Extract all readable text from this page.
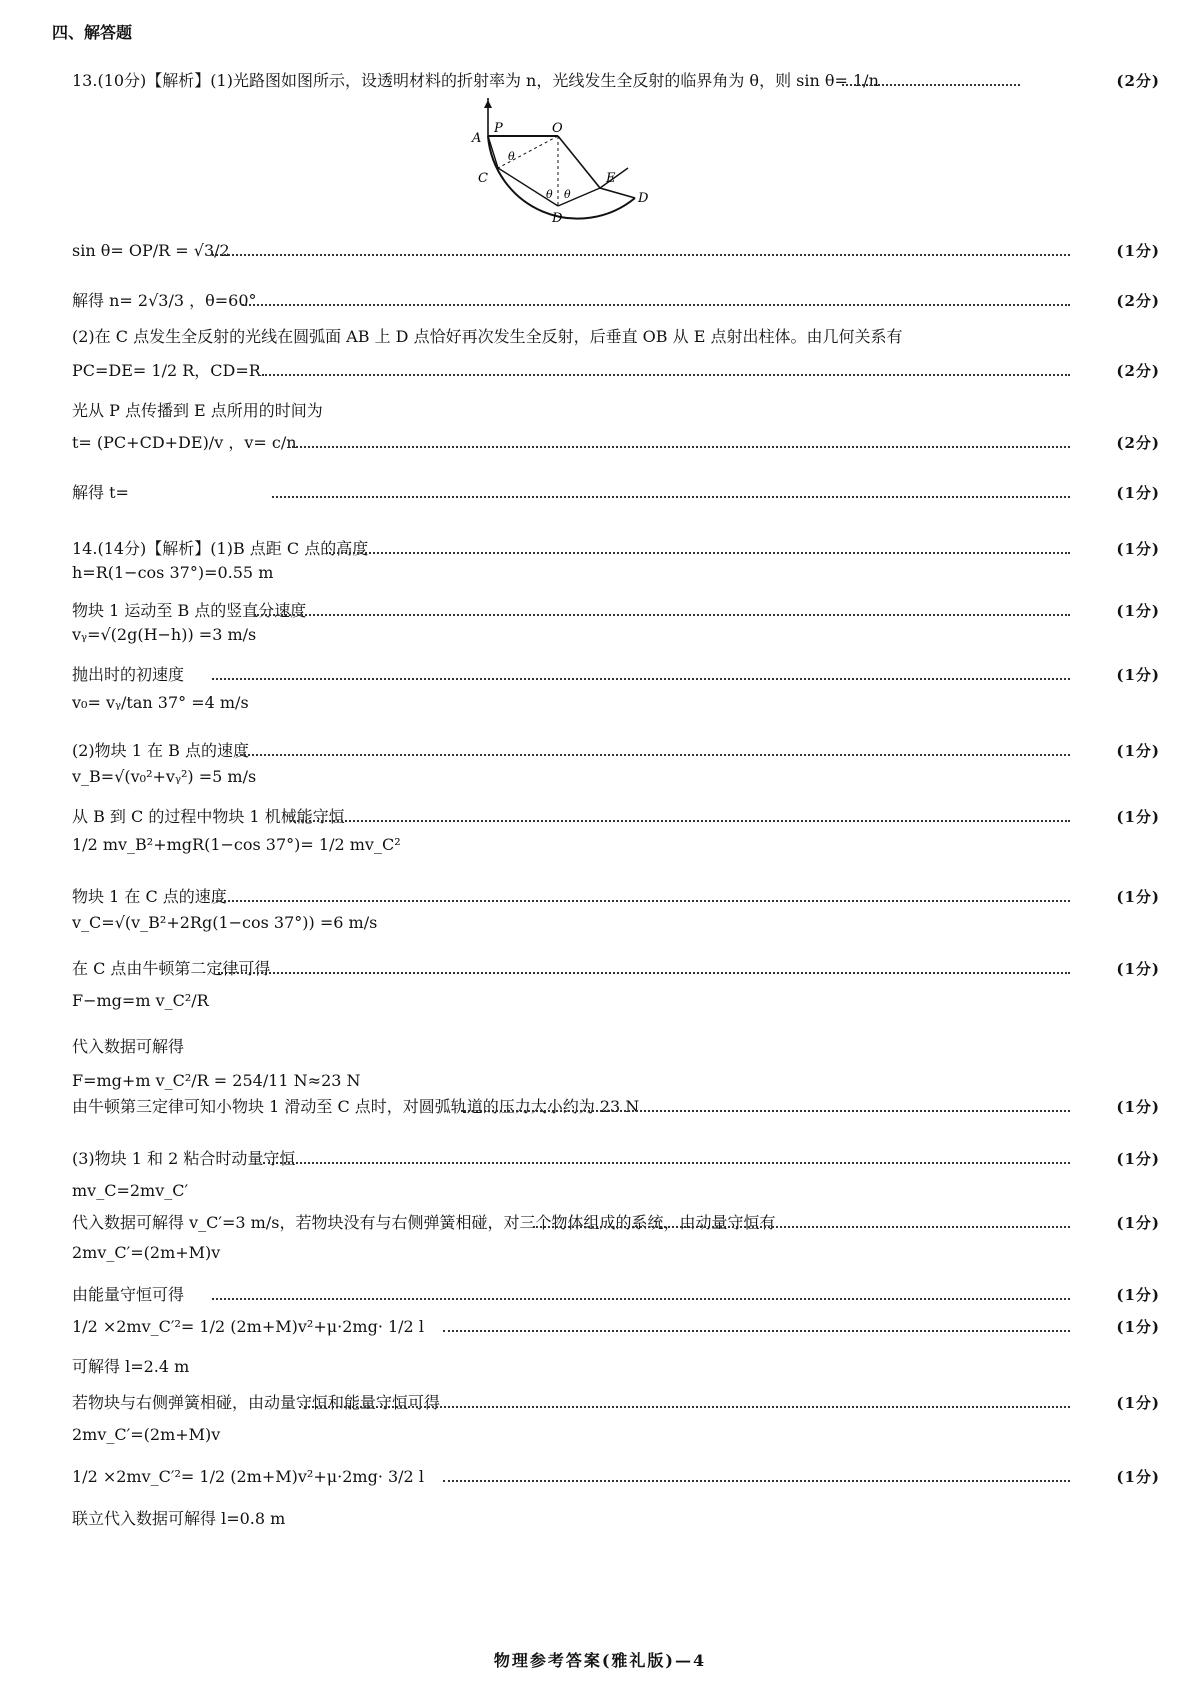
四、解答题
13.(10分)【解析】(1)光路图如图所示，设透明材料的折射率为 n，光线发生全反射的临界角为 θ，则 sin θ= 1/n	(2分)
A
P	O
C
D
E
D
θ
θ θ
sin θ= OP/R = √3/2	(1分)
解得 n= 2√3/3 ，θ=60°	(2分)
(2)在 C 点发生全反射的光线在圆弧面 AB 上 D 点恰好再次发生全反射，后垂直 OB 从 E 点射出柱体。由几何关系有
PC=DE= 1/2 R，CD=R	(2分)
光从 P 点传播到 E 点所用的时间为
t= (PC+CD+DE)/v ，v= c/n	(2分)
解得 t=	(1分)
14.(14分)【解析】(1)B 点距 C 点的高度	(1分)
h=R(1−cos 37°)=0.55 m
物块 1 运动至 B 点的竖直分速度	(1分)
vᵧ=√(2g(H−h)) =3 m/s
抛出时的初速度	(1分)
v₀= vᵧ/tan 37° =4 m/s
(2)物块 1 在 B 点的速度	(1分)
v_B=√(v₀²+vᵧ²) =5 m/s
从 B 到 C 的过程中物块 1 机械能守恒	(1分)
1/2 mv_B²+mgR(1−cos 37°)= 1/2 mv_C²
物块 1 在 C 点的速度	(1分)
v_C=√(v_B²+2Rg(1−cos 37°)) =6 m/s
在 C 点由牛顿第二定律可得	(1分)
F−mg=m v_C²/R
代入数据可解得
F=mg+m v_C²/R = 254/11 N≈23 N
由牛顿第三定律可知小物块 1 滑动至 C 点时，对圆弧轨道的压力大小约为 23 N	(1分)
(3)物块 1 和 2 粘合时动量守恒	(1分)
mv_C=2mv_C′
代入数据可解得 v_C′=3 m/s，若物块没有与右侧弹簧相碰，对三个物体组成的系统，由动量守恒有	(1分)
2mv_C′=(2m+M)v
由能量守恒可得	(1分)
1/2 ×2mv_C′²= 1/2 (2m+M)v²+μ·2mg· 1/2 l	(1分)
可解得 l=2.4 m
若物块与右侧弹簧相碰，由动量守恒和能量守恒可得	(1分)
2mv_C′=(2m+M)v
1/2 ×2mv_C′²= 1/2 (2m+M)v²+μ·2mg· 3/2 l	(1分)
联立代入数据可解得 l=0.8 m
物理参考答案(雅礼版)—4
